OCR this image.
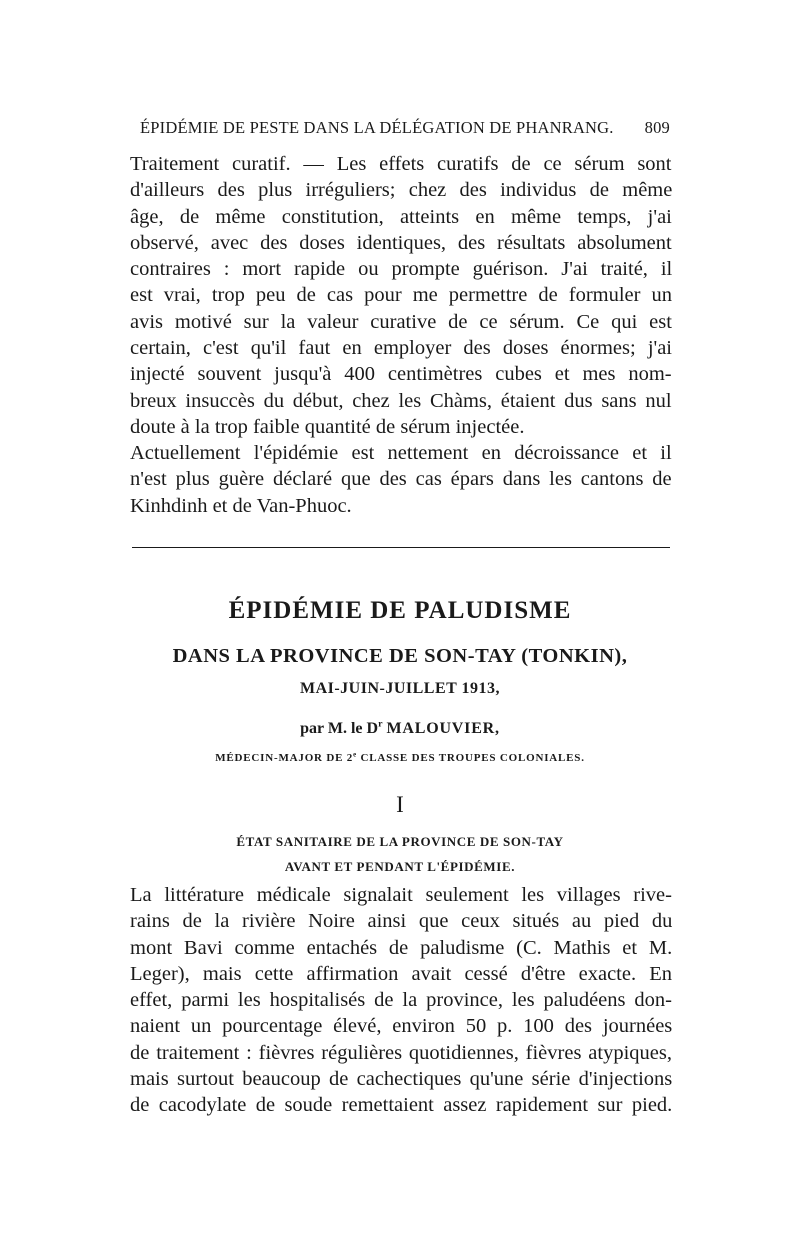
ÉPIDÉMIE DE PESTE DANS LA DÉLÉGATION DE PHANRANG. 809
Traitement curatif. — Les effets curatifs de ce sérum sont
d'ailleurs des plus irréguliers; chez des individus de même
âge, de même constitution, atteints en même temps, j'ai
observé, avec des doses identiques, des résultats absolument
contraires : mort rapide ou prompte guérison. J'ai traité, il
est vrai, trop peu de cas pour me permettre de formuler un
avis motivé sur la valeur curative de ce sérum. Ce qui est
certain, c'est qu'il faut en employer des doses énormes; j'ai
injecté souvent jusqu'à 400 centimètres cubes et mes nom-
breux insuccès du début, chez les Chàms, étaient dus sans nul
doute à la trop faible quantité de sérum injectée.
Actuellement l'épidémie est nettement en décroissance et il
n'est plus guère déclaré que des cas épars dans les cantons de
Kinhdinh et de Van-Phuoc.
ÉPIDÉMIE DE PALUDISME
DANS LA PROVINCE DE SON-TAY (TONKIN),
MAI-JUIN-JUILLET 1913,
par M. le $D^r$ MALOUVIER,
MÉDECIN-MAJOR DE 2e CLASSE DES TROUPES COLONIALES.
I
ÉTAT SANITAIRE DE LA PROVINCE DE SON-TAY
AVANT ET PENDANT L'ÉPIDÉMIE.
La littérature médicale signalait seulement les villages rive-
rains de la rivière Noire ainsi que ceux situés au pied du
mont Bavi comme entachés de paludisme (C. Mathis et M.
Leger), mais cette affirmation avait cessé d'être exacte. En
effet, parmi les hospitalisés de la province, les paludéens don-
naient un pourcentage élevé, environ 50 p. 100 des journées
de traitement : fièvres régulières quotidiennes, fièvres atypiques,
mais surtout beaucoup de cachectiques qu'une série d'injections
de cacodylate de soude remettaient assez rapidement sur pied.
